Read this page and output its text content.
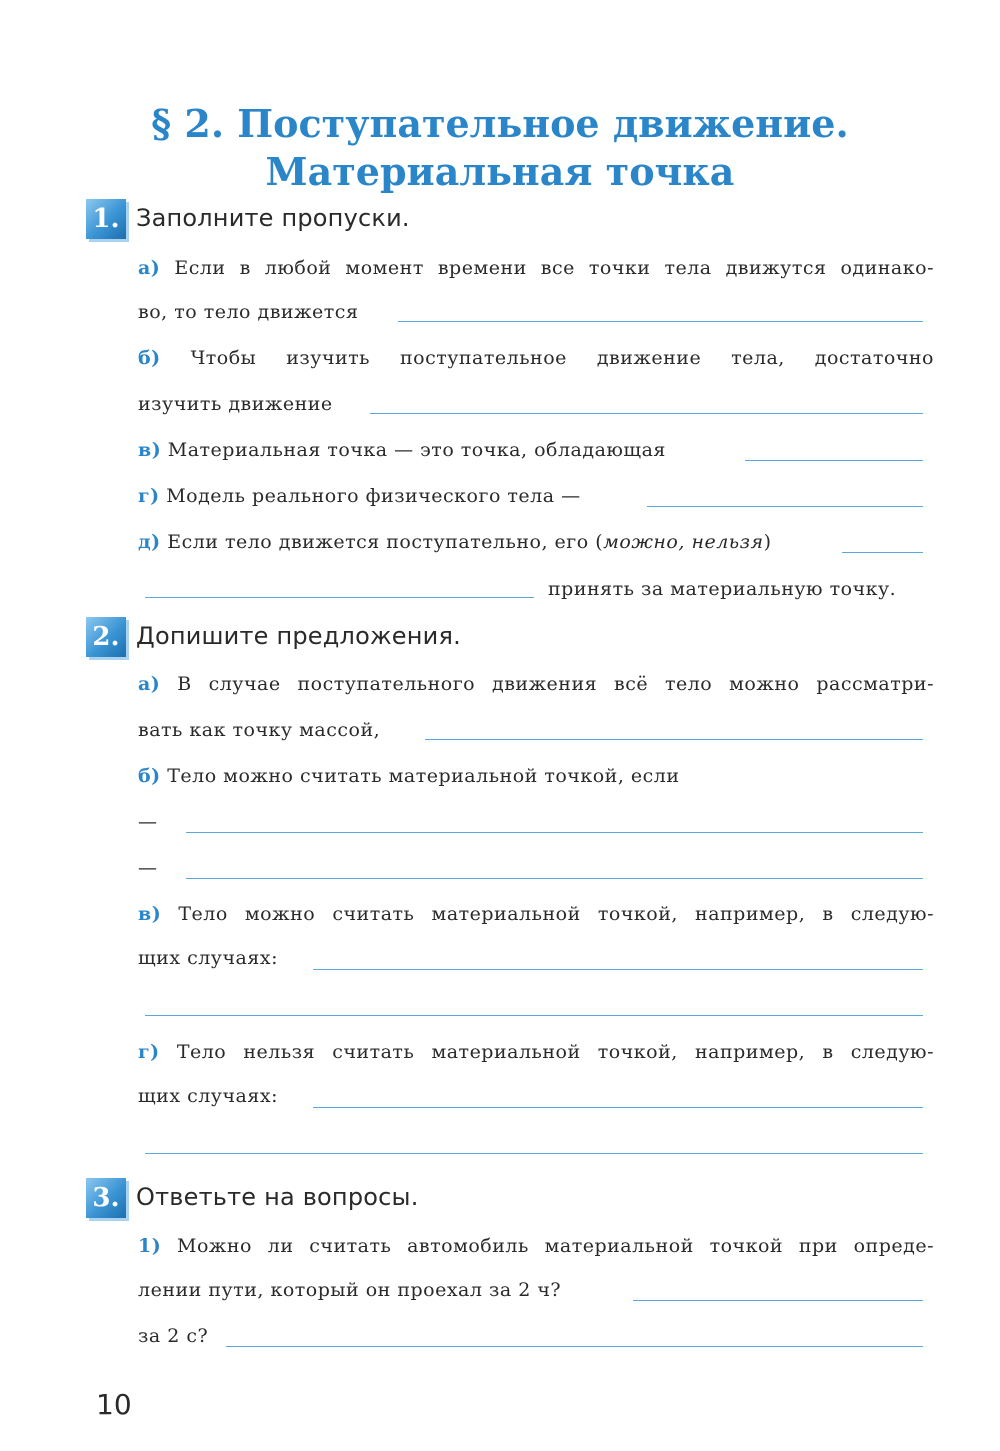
§ 2. Поступательное движение.
Материальная точка
1. Заполните пропуски.
а) Если в любой момент времени все точки тела движутся одинако-
во, то тело движется
б) Чтобы изучить поступательное движение тела, достаточно
изучить движение
в) Материальная точка — это точка, обладающая
г) Модель реального физического тела —
д) Если тело движется поступательно, его (можно, нельзя)
принять за материальную точку.
2. Допишите предложения.
а) В случае поступательного движения всё тело можно рассматри-
вать как точку массой,
б) Тело можно считать материальной точкой, если
—
—
в) Тело можно считать материальной точкой, например, в следую-
щих случаях:
г) Тело нельзя считать материальной точкой, например, в следую-
щих случаях:
3. Ответьте на вопросы.
1) Можно ли считать автомобиль материальной точкой при опреде-
лении пути, который он проехал за 2 ч?
за 2 с?
10
